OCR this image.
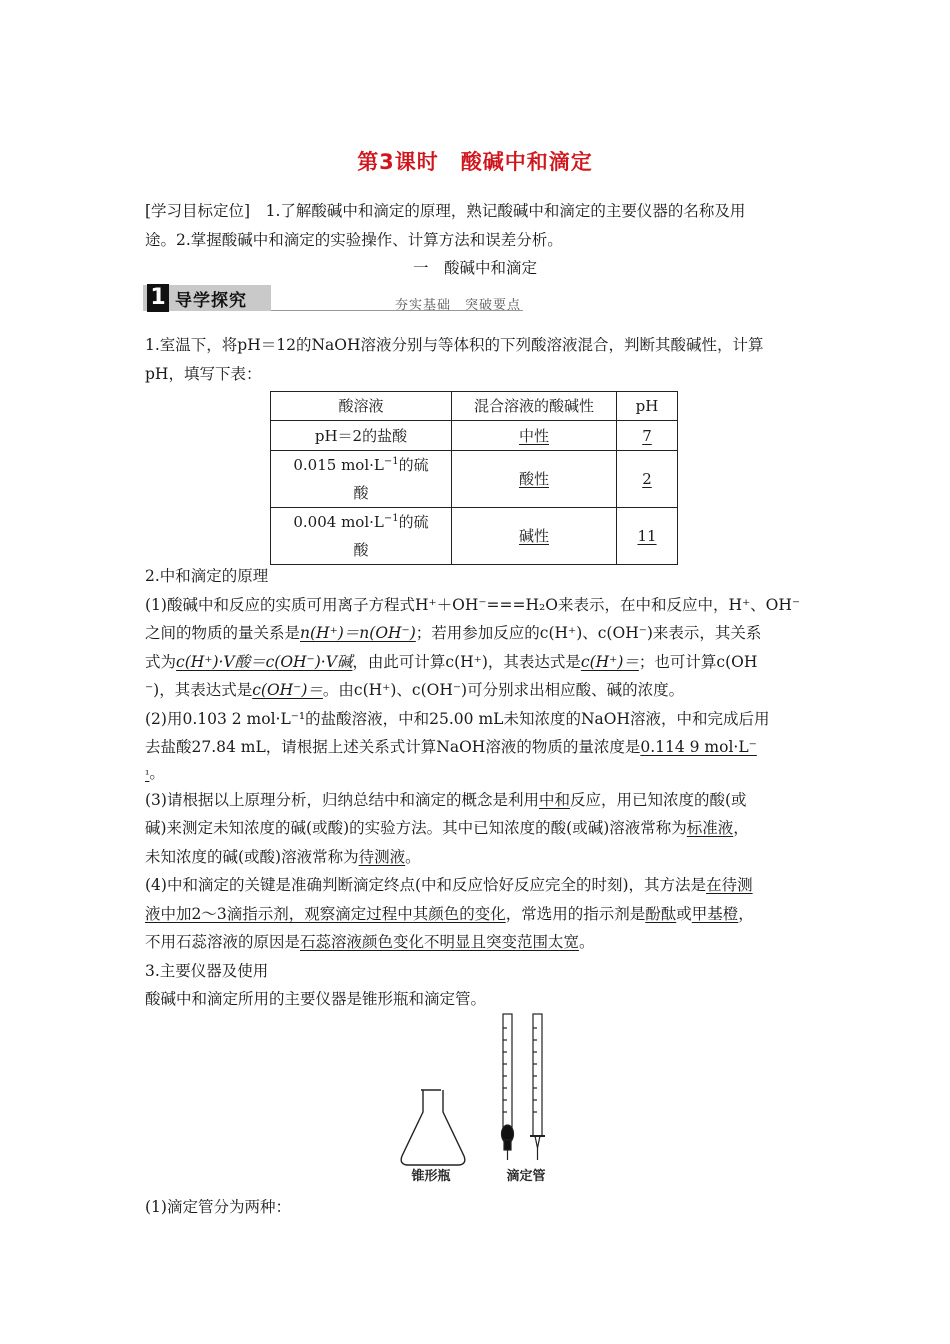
第3课时　酸碱中和滴定
[学习目标定位]　 1.了解酸碱中和滴定的原理，熟记酸碱中和滴定的主要仪器的名称及用
途。2.掌握酸碱中和滴定的实验操作、计算方法和误差分析。
一　酸碱中和滴定
1 导学探究	夯实基础　突破要点
1.室温下，将pH＝12的NaOH溶液分别与等体积的下列酸溶液混合，判断其酸碱性，计算
pH，填写下表：
酸溶液	混合溶液的酸碱性	pH
pH＝2的盐酸	中性	7

0.015 $mol\cdot L^{-1}$的硫
酸	酸性	2

0.004 $mol\cdot L^{-1}$的硫
酸	碱性	11
2.中和滴定的原理
(1)酸碱中和反应的实质可用离子方程式H⁺＋OH⁻===H₂O来表示，在中和反应中，H⁺、OH⁻
之间的物质的量关系是n(H⁺)＝n(OH⁻)；若用参加反应的c(H⁺)、c(OH⁻)来表示，其关系
式为c(H⁺)·V酸＝c(OH⁻)·V碱，由此可计算c(H⁺)，其表达式是c(H⁺)＝；也可计算c(OH
⁻)，其表达式是c(OH⁻)＝。由c(H⁺)、c(OH⁻)可分别求出相应酸、碱的浓度。
(2)用0.103 2 mol·L⁻¹的盐酸溶液，中和25.00 mL未知浓度的NaOH溶液，中和完成后用
去盐酸27.84 mL，请根据上述关系式计算NaOH溶液的物质的量浓度是0.114 9 mol·L⁻
¹。
(3)请根据以上原理分析，归纳总结中和滴定的概念是利用中和反应，用已知浓度的酸(或
碱)来测定未知浓度的碱(或酸)的实验方法。其中已知浓度的酸(或碱)溶液常称为标准液，
未知浓度的碱(或酸)溶液常称为待测液。
(4)中和滴定的关键是准确判断滴定终点(中和反应恰好反应完全的时刻)，其方法是在待测
液中加2～3滴指示剂，观察滴定过程中其颜色的变化，常选用的指示剂是酚酞或甲基橙，
不用石蕊溶液的原因是石蕊溶液颜色变化不明显且突变范围太宽。
3.主要仪器及使用
酸碱中和滴定所用的主要仪器是锥形瓶和滴定管。
锥形瓶	滴定管
(1)滴定管分为两种：
